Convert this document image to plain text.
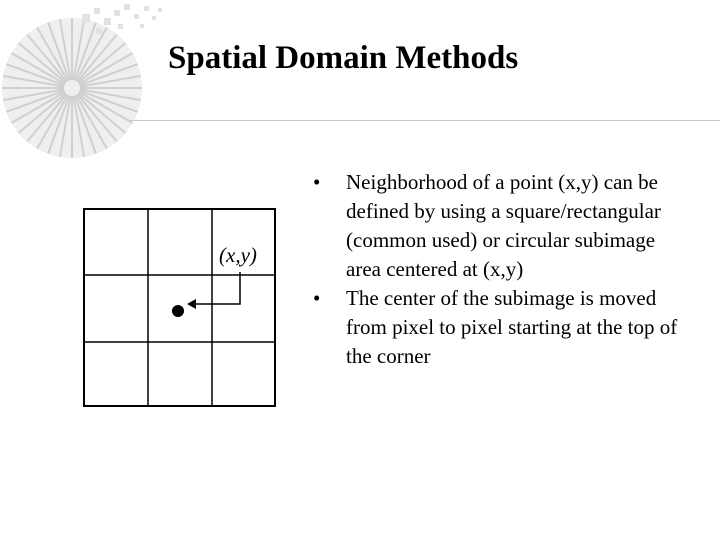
Spatial Domain Methods
(x,y)
• Neighborhood of a point (x,y) can be defined by using a square/rectangular (common used) or circular subimage area centered at (x,y)
• The center of the subimage is moved from pixel to pixel starting at the top of the corner
